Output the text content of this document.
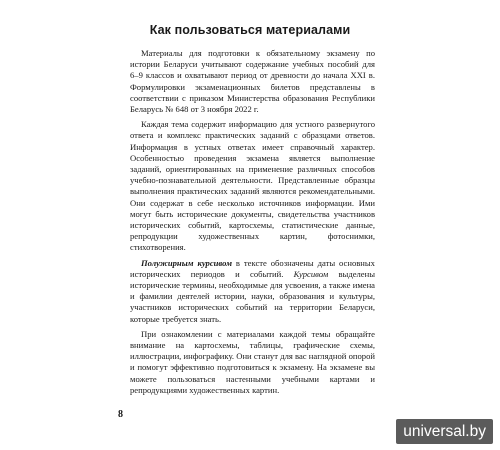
Как пользоваться материалами

Материалы для подготовки к обязательному экзамену по истории Беларуси учитывают содержание учебных пособий для 6–9 классов и охватывают период от древности до начала XXI в. Формулировки экзаменационных билетов представлены в соответствии с приказом Министерства образования Республики Беларусь № 648 от 3 ноября 2022 г.

Каждая тема содержит информацию для устного развернутого ответа и комплекс практических заданий с образцами ответов. Информация в устных ответах имеет справочный характер. Особенностью проведения экзамена является выполнение заданий, ориентированных на применение различных способов учебно-познавательной деятельности. Представленные образцы выполнения практических заданий являются рекомендательными. Они содержат в себе несколько источников информации. Ими могут быть исторические документы, свидетельства участников исторических событий, картосхемы, статистические данные, репродукции художественных картин, фотоснимки, стихотворения.

Полужирным курсивом в тексте обозначены даты основных исторических периодов и событий. Курсивом выделены исторические термины, необходимые для усвоения, а также имена и фамилии деятелей истории, науки, образования и культуры, участников исторических событий на территории Беларуси, которые требуется знать.

При ознакомлении с материалами каждой темы обращайте внимание на картосхемы, таблицы, графические схемы, иллюстрации, инфографику. Они станут для вас наглядной опорой и помогут эффективно подготовиться к экзамену. На экзамене вы можете пользоваться настенными учебными картами и репродукциями художественных картин.

8
universal.by
